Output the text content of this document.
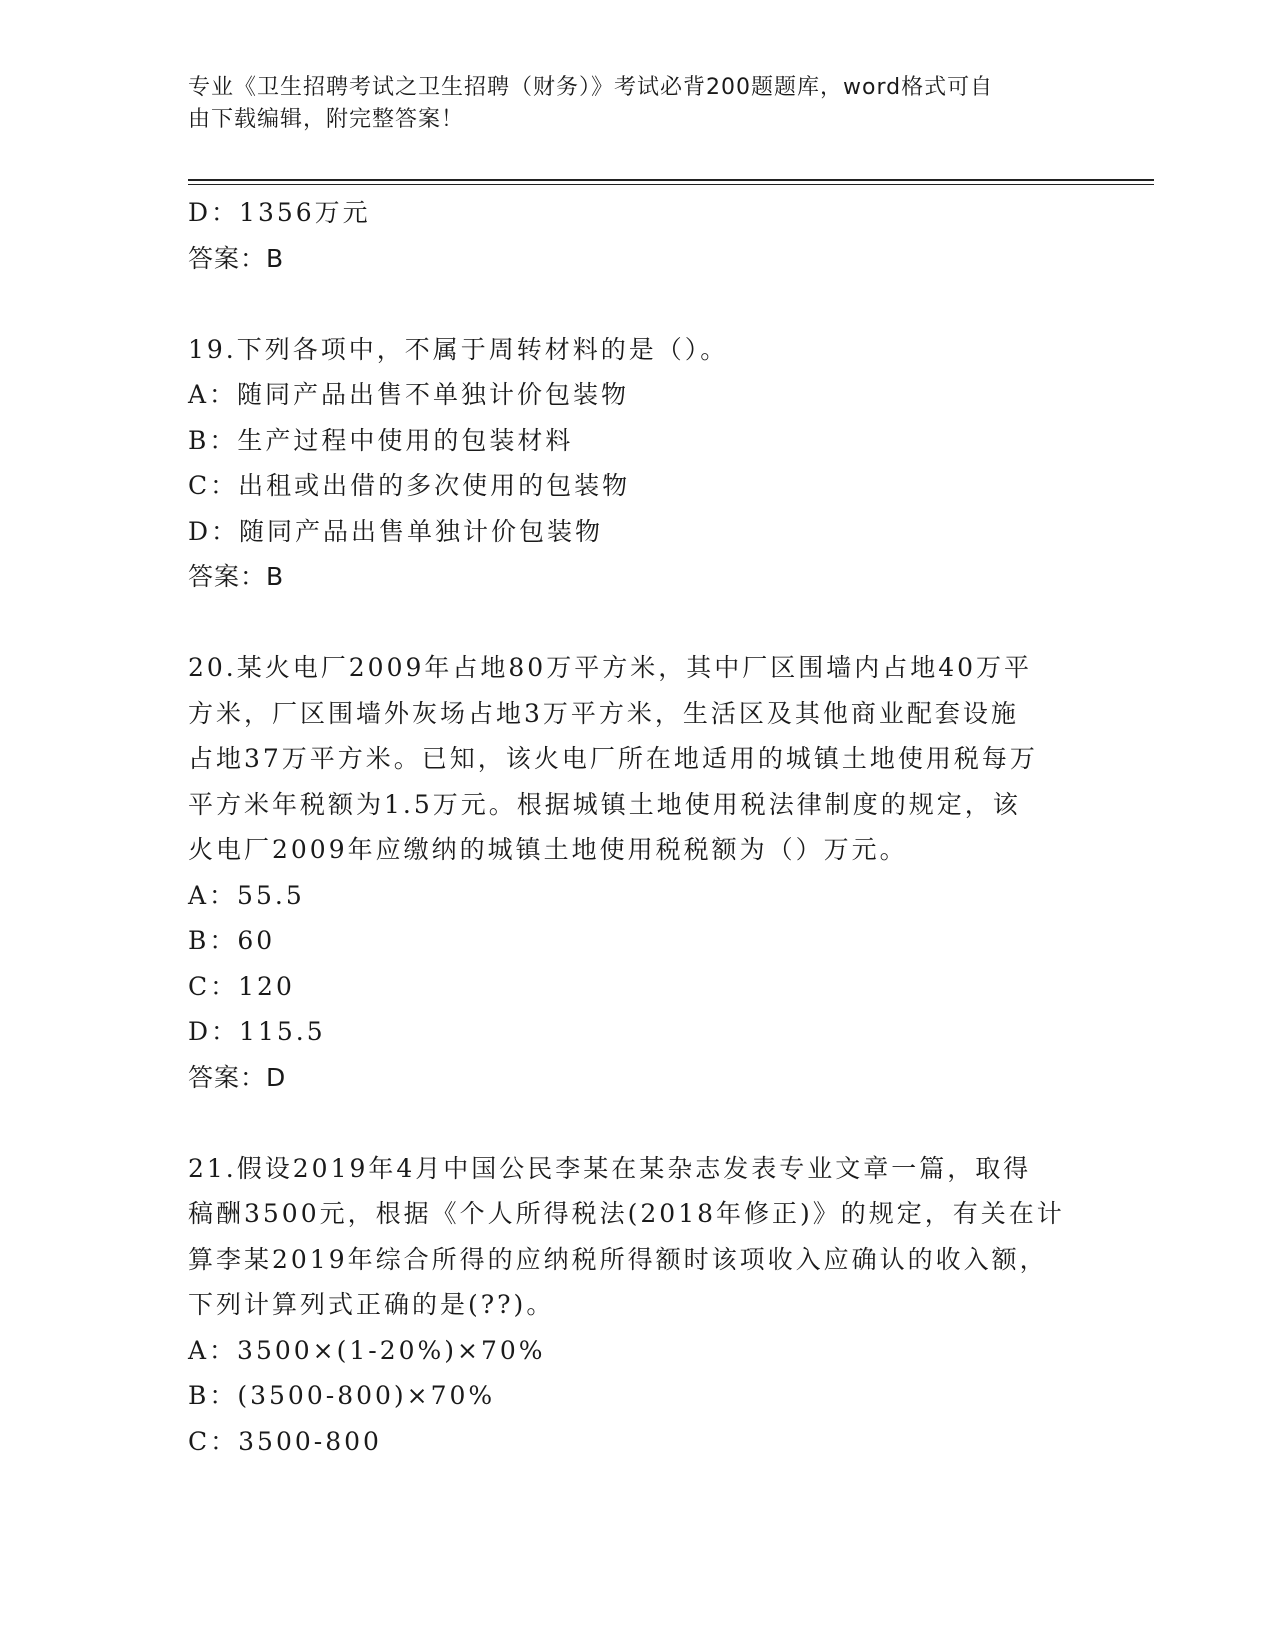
专业《卫生招聘考试之卫生招聘（财务）》考试必背200题题库，word格式可自
由下载编辑，附完整答案！
D：1356万元
答案：B
19.下列各项中，不属于周转材料的是（）。
A：随同产品出售不单独计价包装物
B：生产过程中使用的包装材料
C：出租或出借的多次使用的包装物
D：随同产品出售单独计价包装物
答案：B
20.某火电厂2009年占地80万平方米，其中厂区围墙内占地40万平
方米，厂区围墙外灰场占地3万平方米，生活区及其他商业配套设施
占地37万平方米。已知，该火电厂所在地适用的城镇土地使用税每万
平方米年税额为1.5万元。根据城镇土地使用税法律制度的规定，该
火电厂2009年应缴纳的城镇土地使用税税额为（）万元。
A：55.5
B：60
C：120
D：115.5
答案：D
21.假设2019年4月中国公民李某在某杂志发表专业文章一篇，取得
稿酬3500元，根据《个人所得税法(2018年修正)》的规定，有关在计
算李某2019年综合所得的应纳税所得额时该项收入应确认的收入额，
下列计算列式正确的是(??)。
A：3500×(1-20%)×70%
B：(3500-800)×70%
C：3500-800
